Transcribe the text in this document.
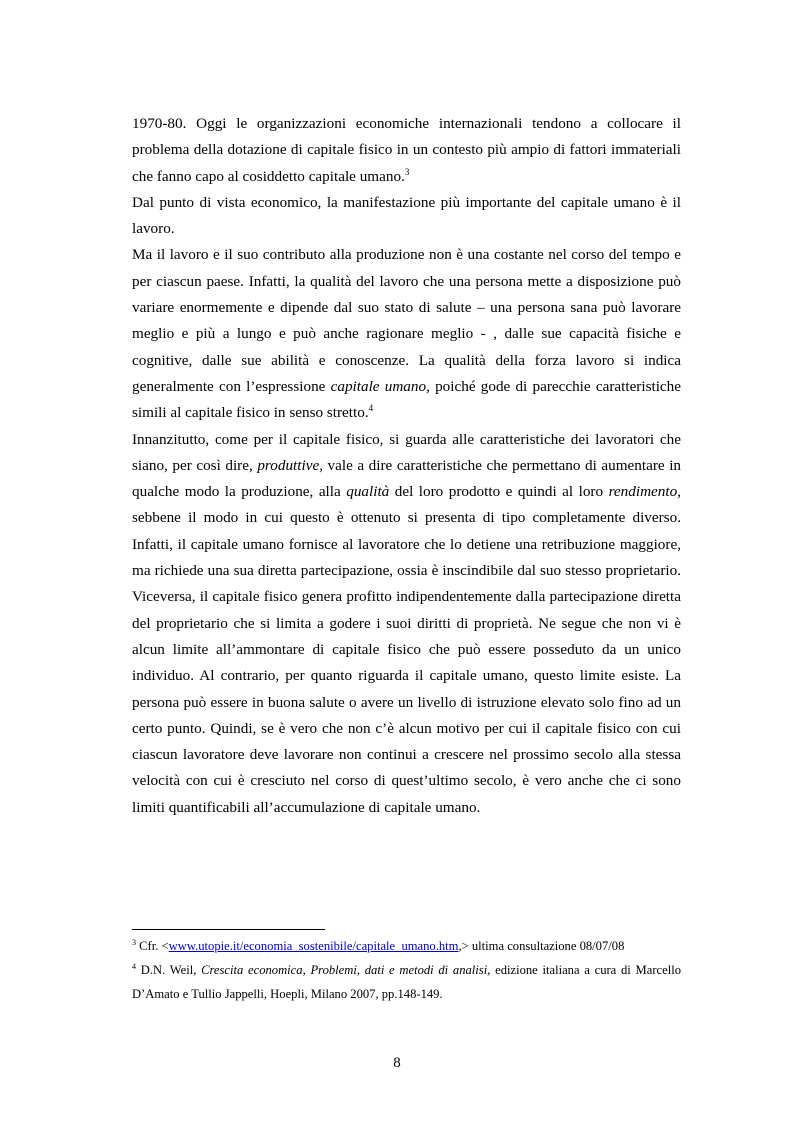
1970-80. Oggi le organizzazioni economiche internazionali tendono a collocare il problema della dotazione di capitale fisico in un contesto più ampio di fattori immateriali che fanno capo al cosiddetto capitale umano.$^3$

Dal punto di vista economico, la manifestazione più importante del capitale umano è il lavoro.

Ma il lavoro e il suo contributo alla produzione non è una costante nel corso del tempo e per ciascun paese. Infatti, la qualità del lavoro che una persona mette a disposizione può variare enormemente e dipende dal suo stato di salute – una persona sana può lavorare meglio e più a lungo e può anche ragionare meglio - , dalle sue capacità fisiche e cognitive, dalle sue abilità e conoscenze. La qualità della forza lavoro si indica generalmente con l’espressione capitale umano, poiché gode di parecchie caratteristiche simili al capitale fisico in senso stretto.$^4$

Innanzitutto, come per il capitale fisico, si guarda alle caratteristiche dei lavoratori che siano, per così dire, produttive, vale a dire caratteristiche che permettano di aumentare in qualche modo la produzione, alla qualità del loro prodotto e quindi al loro rendimento, sebbene il modo in cui questo è ottenuto si presenta di tipo completamente diverso. Infatti, il capitale umano fornisce al lavoratore che lo detiene una retribuzione maggiore, ma richiede una sua diretta partecipazione, ossia è inscindibile dal suo stesso proprietario. Viceversa, il capitale fisico genera profitto indipendentemente dalla partecipazione diretta del proprietario che si limita a godere i suoi diritti di proprietà. Ne segue che non vi è alcun limite all’ammontare di capitale fisico che può essere posseduto da un unico individuo. Al contrario, per quanto riguarda il capitale umano, questo limite esiste. La persona può essere in buona salute o avere un livello di istruzione elevato solo fino ad un certo punto. Quindi, se è vero che non c’è alcun motivo per cui il capitale fisico con cui ciascun lavoratore deve lavorare non continui a crescere nel prossimo secolo alla stessa velocità con cui è cresciuto nel corso di quest’ultimo secolo, è vero anche che ci sono limiti quantificabili all’accumulazione di capitale umano.

$^3$ Cfr. <www.utopie.it/economia_sostenibile/capitale_umano.htm,> ultima consultazione 08/07/08

$^4$ D.N. Weil, Crescita economica, Problemi, dati e metodi di analisi, edizione italiana a cura di Marcello D’Amato e Tullio Jappelli, Hoepli, Milano 2007, pp.148-149.

8
